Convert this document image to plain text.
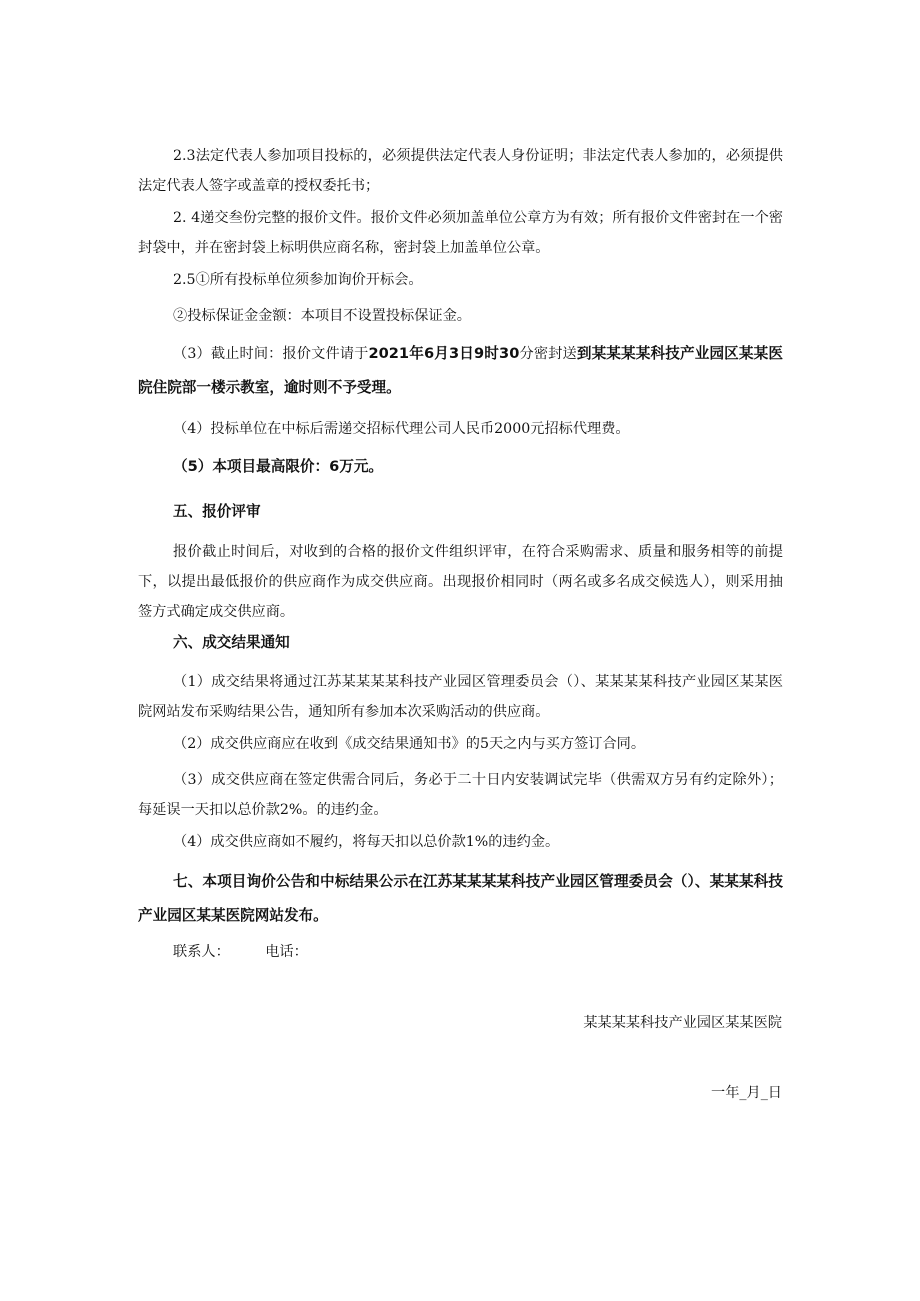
2.3法定代表人参加项目投标的，必须提供法定代表人身份证明；非法定代表人参加的，必须提供法定代表人签字或盖章的授权委托书；

2. 4递交叁份完整的报价文件。报价文件必须加盖单位公章方为有效；所有报价文件密封在一个密封袋中，并在密封袋上标明供应商名称，密封袋上加盖单位公章。

2.5①所有投标单位须参加询价开标会。

②投标保证金金额：本项目不设置投标保证金。

（3）截止时间：报价文件请于2021年6月3日9时30分密封送到某某某某科技产业园区某某医院住院部一楼示教室，逾时则不予受理。

（4）投标单位在中标后需递交招标代理公司人民币2000元招标代理费。

（5）本项目最高限价：6万元。

五、报价评审

报价截止时间后，对收到的合格的报价文件组织评审，在符合采购需求、质量和服务相等的前提下，以提出最低报价的供应商作为成交供应商。出现报价相同时（两名或多名成交候选人），则采用抽签方式确定成交供应商。

六、成交结果通知

（1）成交结果将通过江苏某某某某科技产业园区管理委员会（）、某某某某科技产业园区某某医院网站发布采购结果公告，通知所有参加本次采购活动的供应商。

（2）成交供应商应在收到《成交结果通知书》的5天之内与买方签订合同。

（3）成交供应商在签定供需合同后，务必于二十日内安装调试完毕（供需双方另有约定除外）；每延误一天扣以总价款2%。的违约金。

（4）成交供应商如不履约，将每天扣以总价款1%的违约金。

七、本项目询价公告和中标结果公示在江苏某某某某科技产业园区管理委员会（）、某某某科技产业园区某某医院网站发布。

联系人：　　　电话：

某某某某科技产业园区某某医院
一年_月_日
